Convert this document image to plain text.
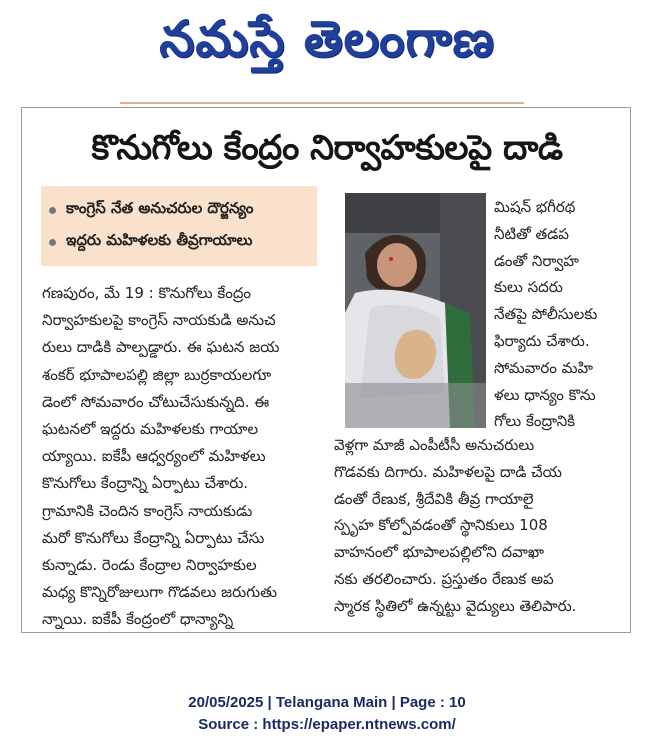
నమస్తే తెలంగాణ
కొనుగోలు కేంద్రం నిర్వాహకులపై దాడి
కాంగ్రెస్ నేత అనుచరుల దౌర్జన్యం
ఇద్దరు మహిళలకు తీవ్రగాయాలు
గణపురం, మే 19 : కొనుగోలు కేంద్రం
నిర్వాహకులపై కాంగ్రెస్ నాయకుడి అనుచ
రులు దాడికి పాల్పడ్డారు. ఈ ఘటన జయ
శంకర్ భూపాలపల్లి జిల్లా బుర్రకాయలగూ
డెంలో సోమవారం చోటుచేసుకున్నది. ఈ
ఘటనలో ఇద్దరు మహిళలకు గాయాల
య్యాయి. ఐకేపీ ఆధ్వర్యంలో మహిళలు
కొనుగోలు కేంద్రాన్ని ఏర్పాటు చేశారు.
గ్రామానికి చెందిన కాంగ్రెస్ నాయకుడు
మరో కొనుగోలు కేంద్రాన్ని ఏర్పాటు చేసు
కున్నాడు. రెండు కేంద్రాల నిర్వాహకుల
మధ్య కొన్నిరోజులుగా గొడవలు జరుగుతు
న్నాయి. ఐకేపీ కేంద్రంలో ధాన్యాన్ని
మిషన్ భగీరథ
నీటితో తడప
డంతో నిర్వాహ
కులు సదరు
నేతపై పోలీసులకు
ఫిర్యాదు చేశారు.
సోమవారం మహి
ళలు ధాన్యం కొను
గోలు కేంద్రానికి
వెళ్లగా మాజీ ఎంపీటీసీ అనుచరులు
గొడవకు దిగారు. మహిళలపై దాడి చేయ
డంతో రేణుక, శ్రీదేవికి తీవ్ర గాయాలై
స్పృహ కోల్పోవడంతో స్థానికులు 108
వాహనంలో భూపాలపల్లిలోని దవాఖా
నకు తరలించారు. ప్రస్తుతం రేణుక అప
స్మారక స్థితిలో ఉన్నట్టు వైద్యులు తెలిపారు.
20/05/2025 | Telangana Main | Page : 10
Source : https://epaper.ntnews.com/
